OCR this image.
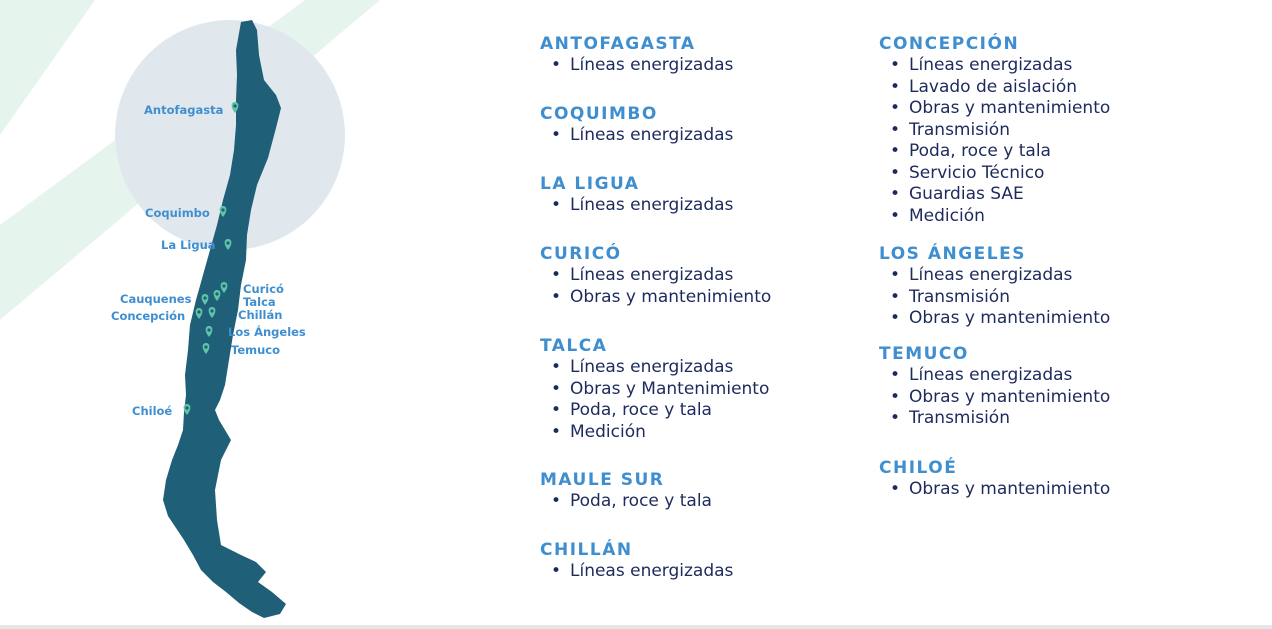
Antofagasta
Coquimbo
La Ligua
Curicó
Talca
Cauquenes
Chillán
Concepción
Los Ángeles
Temuco
Chiloé
ANTOFAGASTA
• Líneas energizadas
COQUIMBO
• Líneas energizadas
LA LIGUA
• Líneas energizadas
CURICÓ
• Líneas energizadas
• Obras y mantenimiento
TALCA
• Líneas energizadas
• Obras y Mantenimiento
• Poda, roce y tala
• Medición
MAULE SUR
• Poda, roce y tala
CHILLÁN
• Líneas energizadas
CONCEPCIÓN
• Líneas energizadas
• Lavado de aislación
• Obras y mantenimiento
• Transmisión
• Poda, roce y tala
• Servicio Técnico
• Guardias SAE
• Medición
LOS ÁNGELES
• Líneas energizadas
• Transmisión
• Obras y mantenimiento
TEMUCO
• Líneas energizadas
• Obras y mantenimiento
• Transmisión
CHILOÉ
• Obras y mantenimiento
